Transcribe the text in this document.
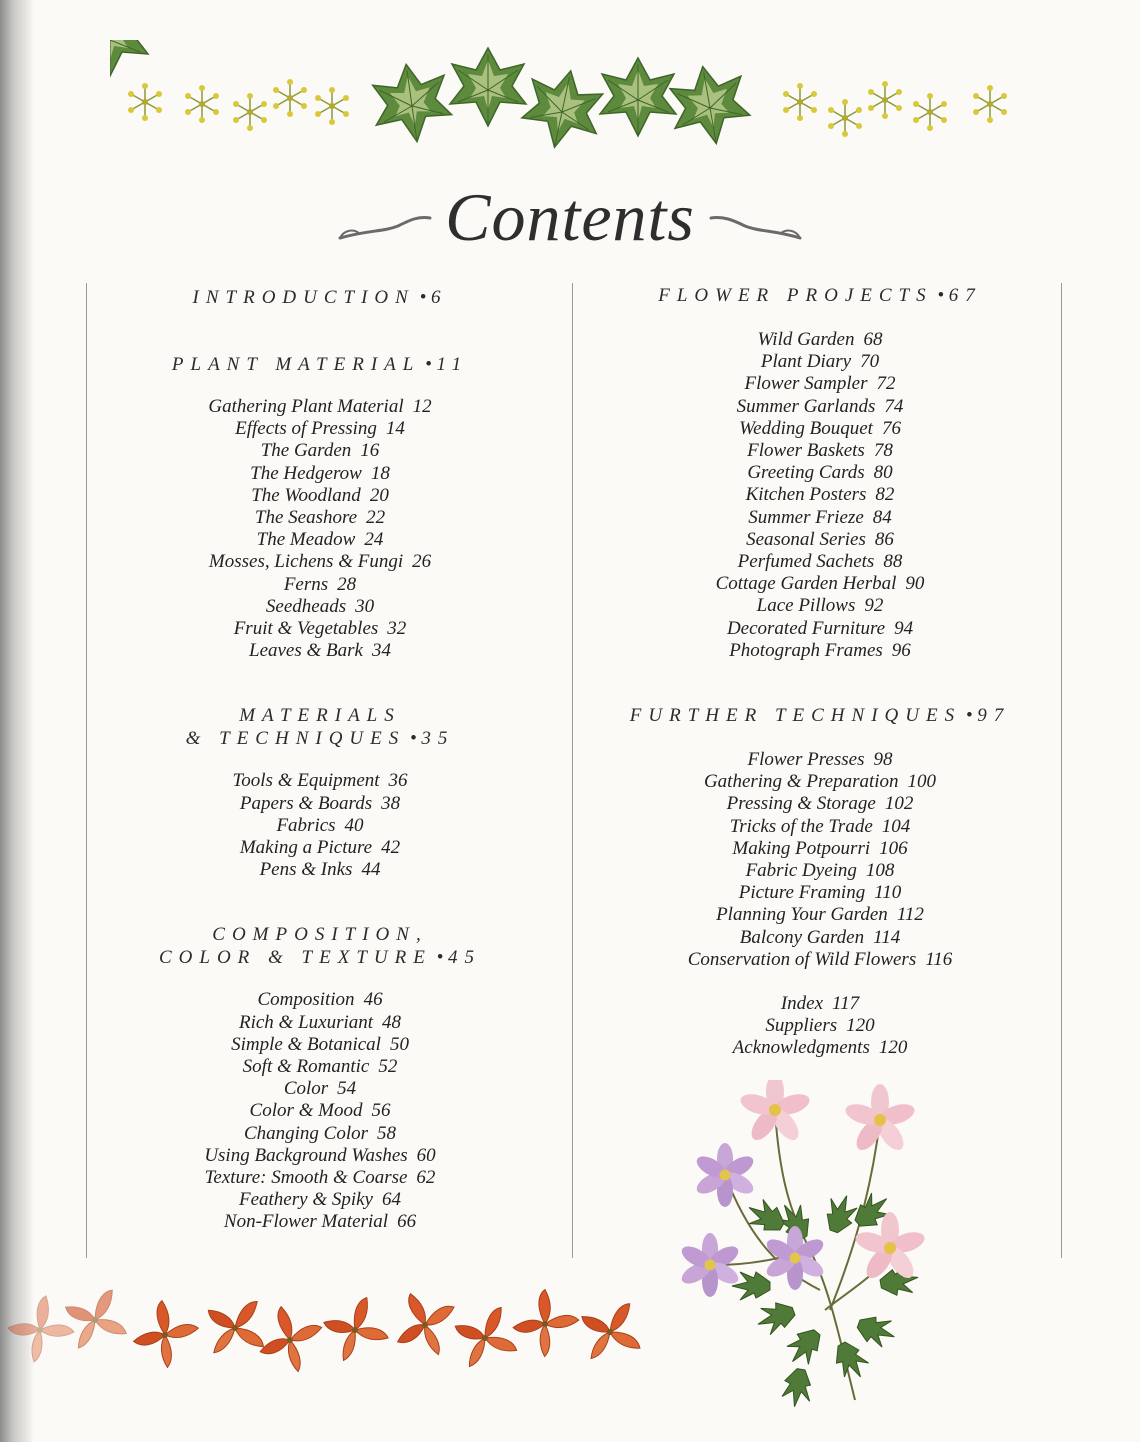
Contents
INTRODUCTION • 6
PLANT MATERIAL • 11
Gathering Plant Material 12
Effects of Pressing 14
The Garden 16
The Hedgerow 18
The Woodland 20
The Seashore 22
The Meadow 24
Mosses, Lichens & Fungi 26
Ferns 28
Seedheads 30
Fruit & Vegetables 32
Leaves & Bark 34
MATERIALS
& TECHNIQUES • 35
Tools & Equipment 36
Papers & Boards 38
Fabrics 40
Making a Picture 42
Pens & Inks 44
COMPOSITION,
COLOR & TEXTURE • 45
Composition 46
Rich & Luxuriant 48
Simple & Botanical 50
Soft & Romantic 52
Color 54
Color & Mood 56
Changing Color 58
Using Background Washes 60
Texture: Smooth & Coarse 62
Feathery & Spiky 64
Non-Flower Material 66
FLOWER PROJECTS • 67
Wild Garden 68
Plant Diary 70
Flower Sampler 72
Summer Garlands 74
Wedding Bouquet 76
Flower Baskets 78
Greeting Cards 80
Kitchen Posters 82
Summer Frieze 84
Seasonal Series 86
Perfumed Sachets 88
Cottage Garden Herbal 90
Lace Pillows 92
Decorated Furniture 94
Photograph Frames 96
FURTHER TECHNIQUES • 97
Flower Presses 98
Gathering & Preparation 100
Pressing & Storage 102
Tricks of the Trade 104
Making Potpourri 106
Fabric Dyeing 108
Picture Framing 110
Planning Your Garden 112
Balcony Garden 114
Conservation of Wild Flowers 116
Index 117
Suppliers 120
Acknowledgments 120
